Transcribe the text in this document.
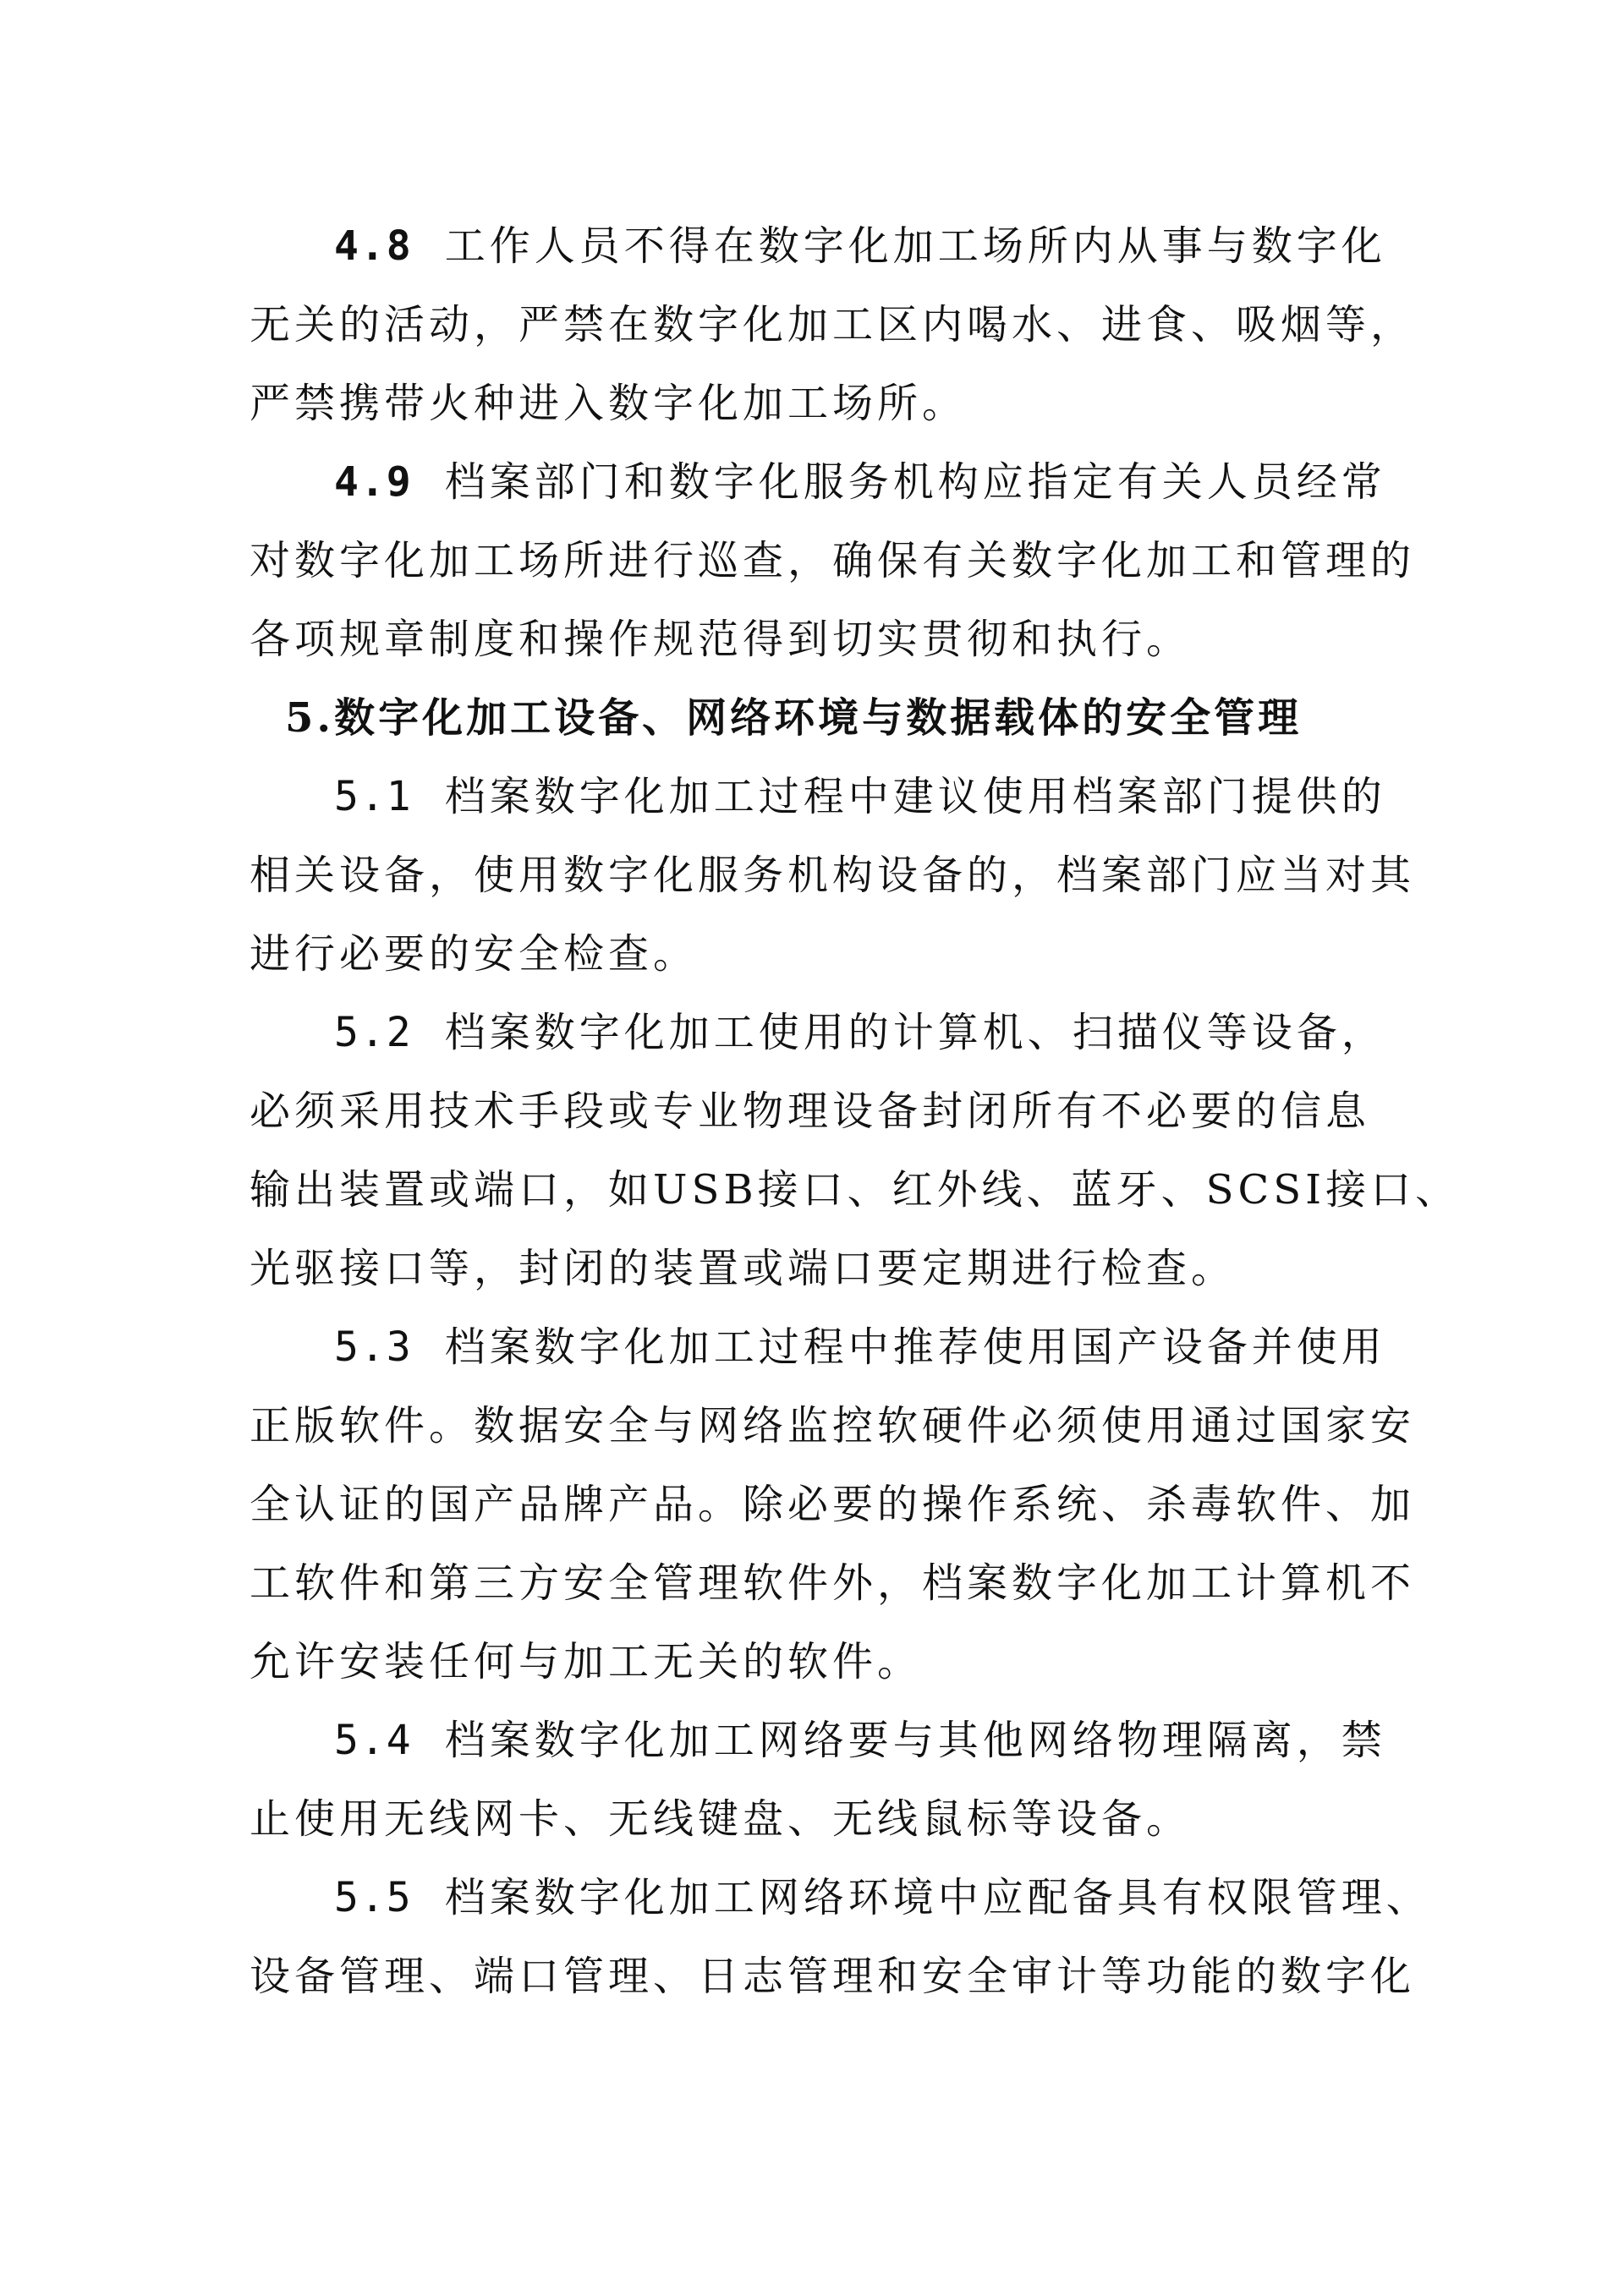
4.8 工作人员不得在数字化加工场所内从事与数字化
无关的活动，严禁在数字化加工区内喝水、进食、吸烟等，
严禁携带火种进入数字化加工场所。
4.9 档案部门和数字化服务机构应指定有关人员经常
对数字化加工场所进行巡查，确保有关数字化加工和管理的
各项规章制度和操作规范得到切实贯彻和执行。
5.数字化加工设备、网络环境与数据载体的安全管理
5.1 档案数字化加工过程中建议使用档案部门提供的
相关设备，使用数字化服务机构设备的，档案部门应当对其
进行必要的安全检查。
5.2 档案数字化加工使用的计算机、扫描仪等设备，
必须采用技术手段或专业物理设备封闭所有不必要的信息
输出装置或端口，如USB接口、红外线、蓝牙、SCSI接口、
光驱接口等，封闭的装置或端口要定期进行检查。
5.3 档案数字化加工过程中推荐使用国产设备并使用
正版软件。数据安全与网络监控软硬件必须使用通过国家安
全认证的国产品牌产品。除必要的操作系统、杀毒软件、加
工软件和第三方安全管理软件外，档案数字化加工计算机不
允许安装任何与加工无关的软件。
5.4 档案数字化加工网络要与其他网络物理隔离，禁
止使用无线网卡、无线键盘、无线鼠标等设备。
5.5 档案数字化加工网络环境中应配备具有权限管理、
设备管理、端口管理、日志管理和安全审计等功能的数字化
